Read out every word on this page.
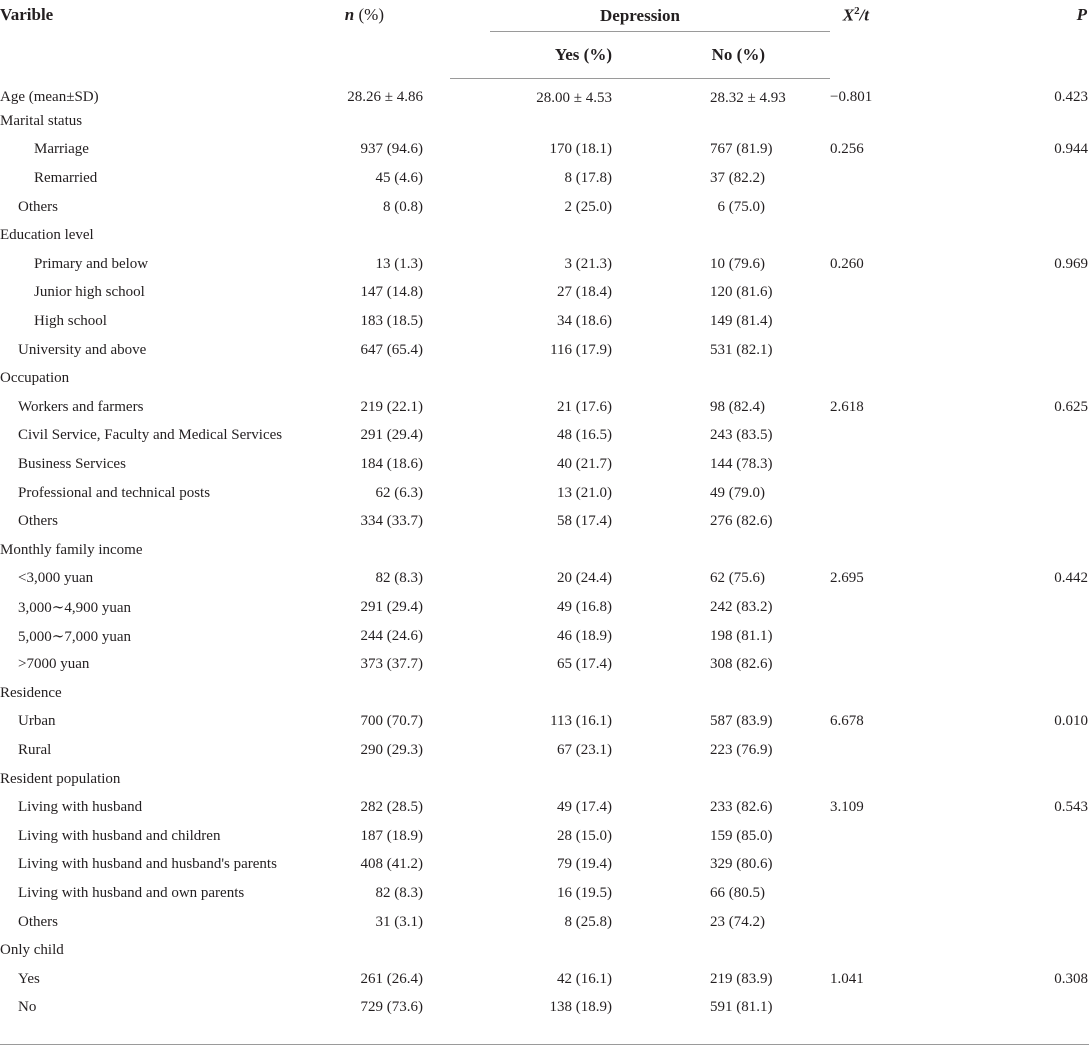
Varible	n (%)	Depression		$X^2/t$	P
		Yes (%)	No (%)		
Age (mean±SD)	28.26 ± 4.86	28.00 ± 4.53	28.32 ± 4.93	−0.801	0.423
Marital status					
Marriage	937 (94.6)	170 (18.1)	767 (81.9)	0.256	0.944
Remarried	45 (4.6)	8 (17.8)	37 (82.2)		
Others	8 (0.8)	2 (25.0)	6 (75.0)		
Education level					
Primary and below	13 (1.3)	3 (21.3)	10 (79.6)	0.260	0.969
Junior high school	147 (14.8)	27 (18.4)	120 (81.6)		
High school	183 (18.5)	34 (18.6)	149 (81.4)		
University and above	647 (65.4)	116 (17.9)	531 (82.1)		
Occupation					
Workers and farmers	219 (22.1)	21 (17.6)	98 (82.4)	2.618	0.625
Civil Service, Faculty and Medical Services	291 (29.4)	48 (16.5)	243 (83.5)		
Business Services	184 (18.6)	40 (21.7)	144 (78.3)		
Professional and technical posts	62 (6.3)	13 (21.0)	49 (79.0)		
Others	334 (33.7)	58 (17.4)	276 (82.6)		
Monthly family income					
<3,000 yuan	82 (8.3)	20 (24.4)	62 (75.6)	2.695	0.442
3,000∼4,900 yuan	291 (29.4)	49 (16.8)	242 (83.2)		
5,000∼7,000 yuan	244 (24.6)	46 (18.9)	198 (81.1)		
>7000 yuan	373 (37.7)	65 (17.4)	308 (82.6)		
Residence					
Urban	700 (70.7)	113 (16.1)	587 (83.9)	6.678	0.010
Rural	290 (29.3)	67 (23.1)	223 (76.9)		
Resident population					
Living with husband	282 (28.5)	49 (17.4)	233 (82.6)	3.109	0.543
Living with husband and children	187 (18.9)	28 (15.0)	159 (85.0)		
Living with husband and husband's parents	408 (41.2)	79 (19.4)	329 (80.6)		
Living with husband and own parents	82 (8.3)	16 (19.5)	66 (80.5)		
Others	31 (3.1)	8 (25.8)	23 (74.2)		
Only child					
Yes	261 (26.4)	42 (16.1)	219 (83.9)	1.041	0.308
No	729 (73.6)	138 (18.9)	591 (81.1)		
